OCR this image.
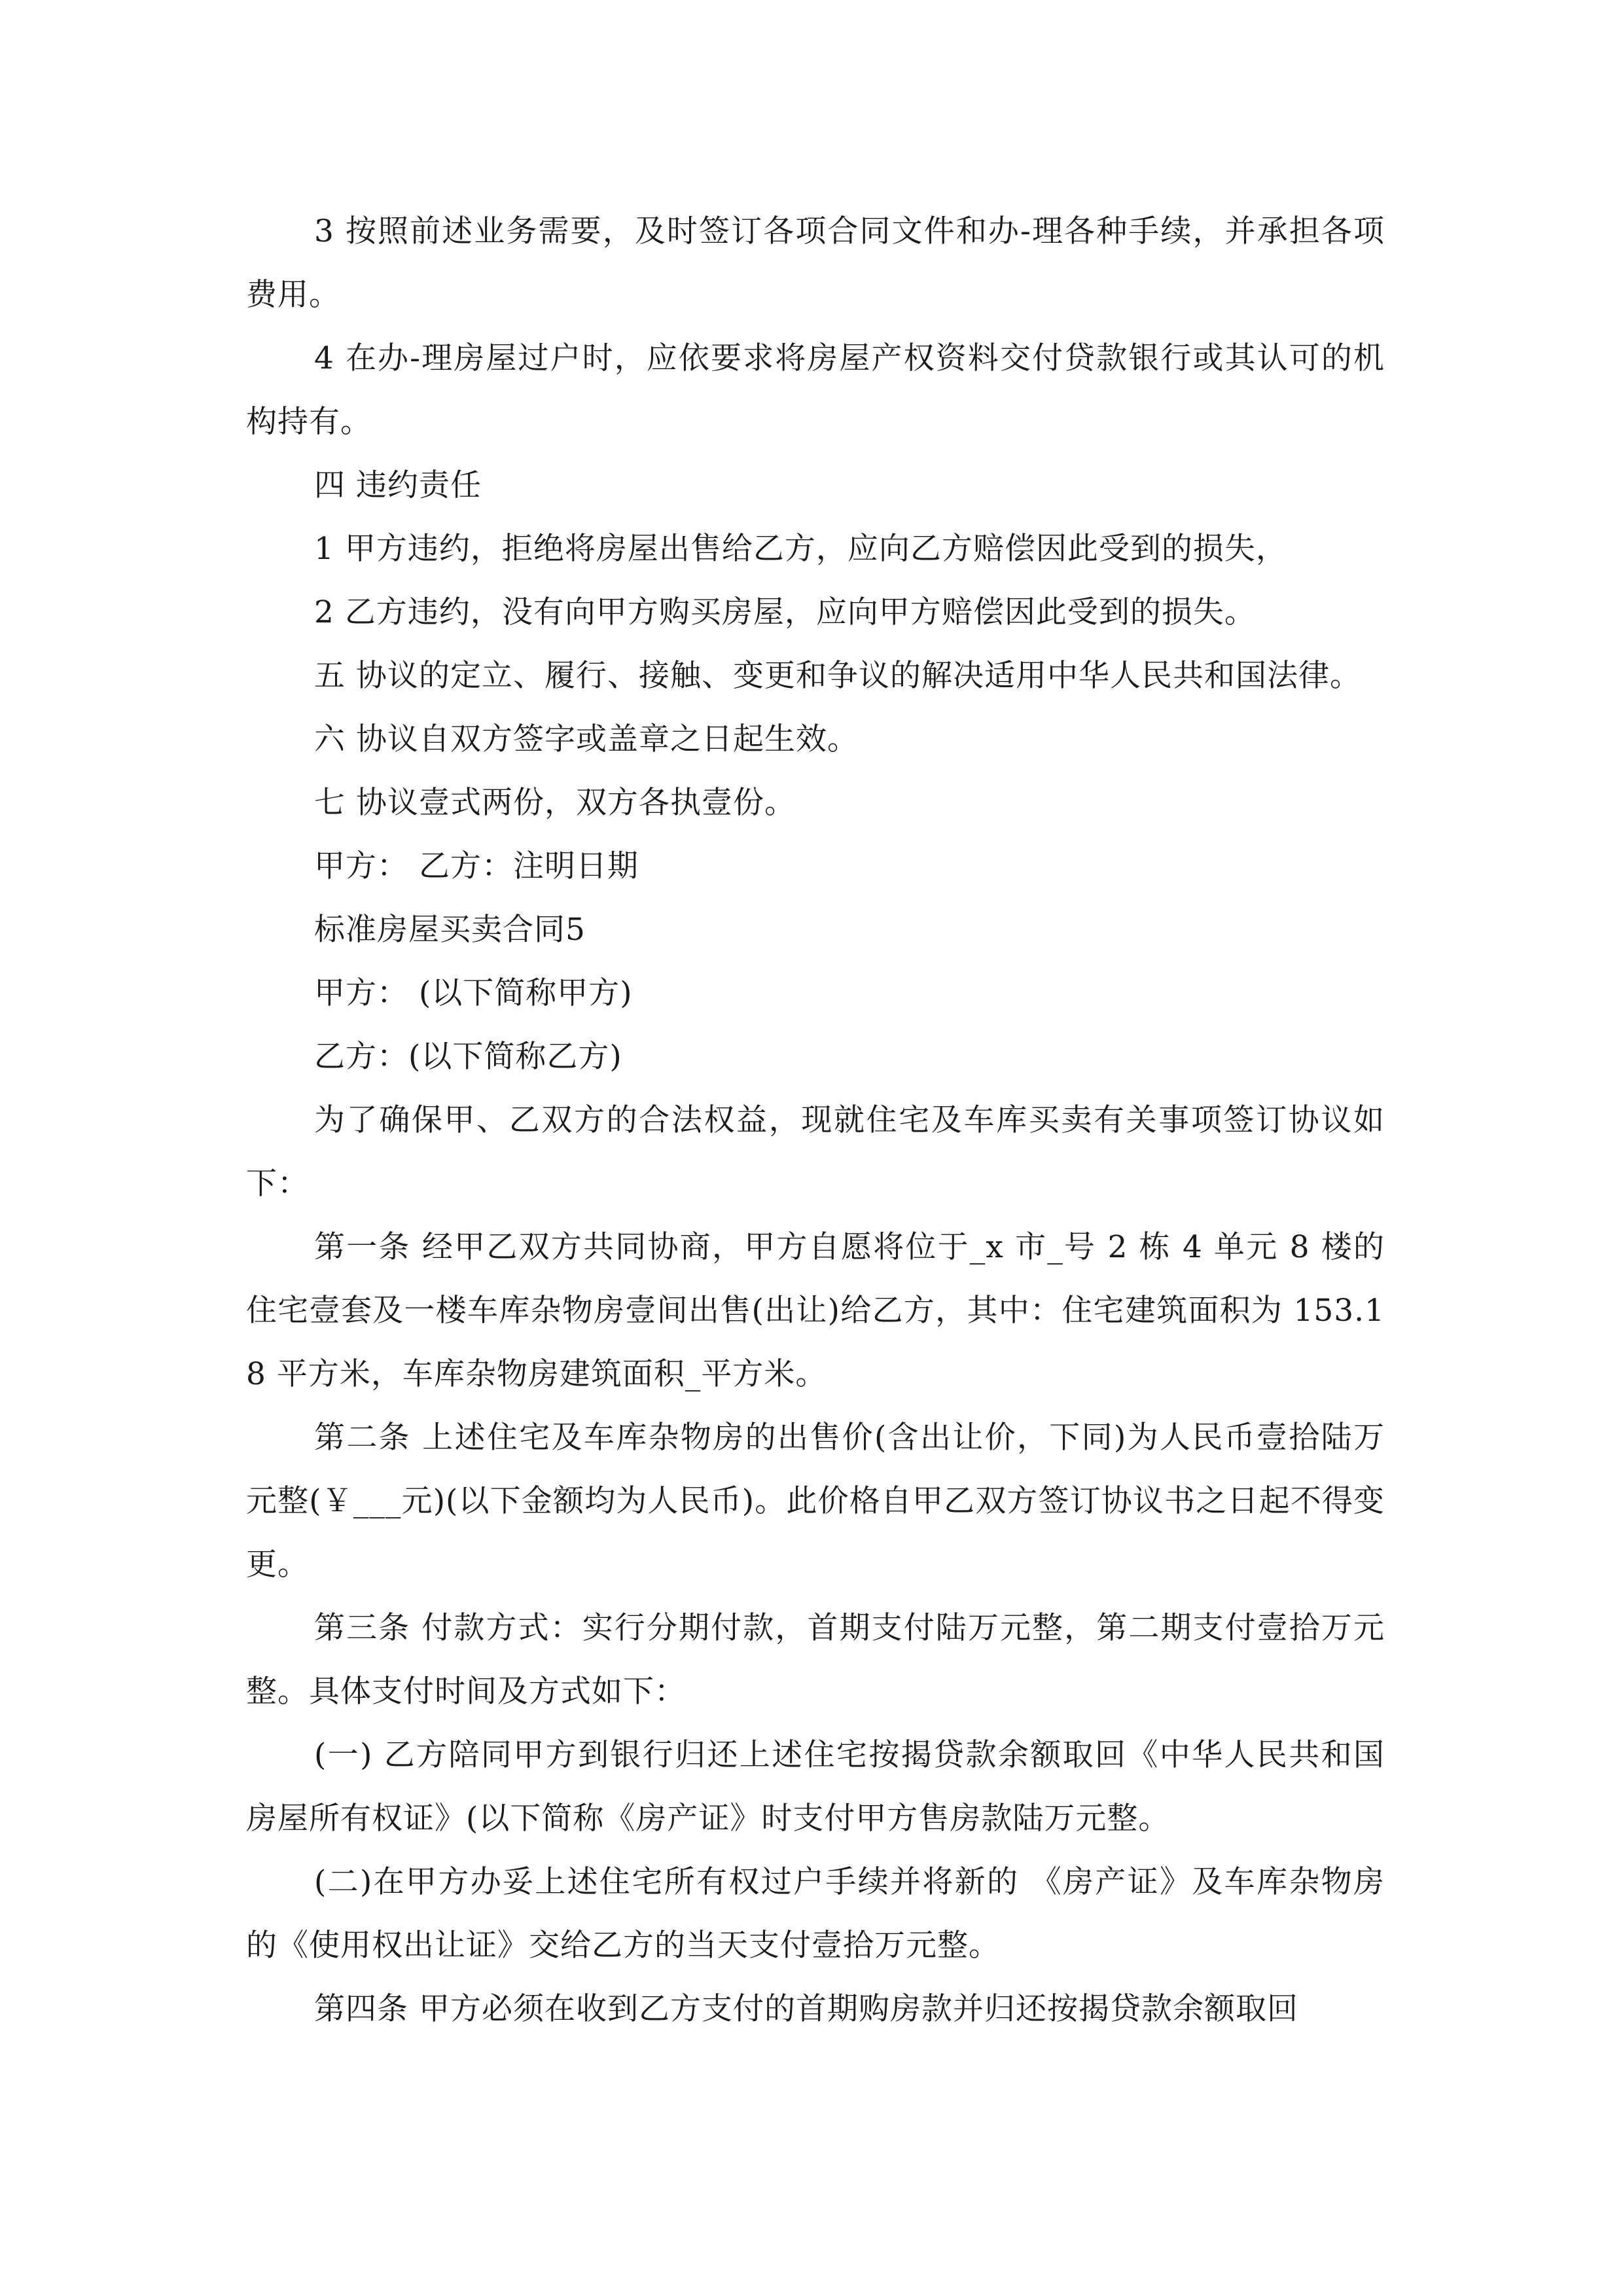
3 按照前述业务需要，及时签订各项合同文件和办-理各种手续，并承担各项费用。

4 在办-理房屋过户时，应依要求将房屋产权资料交付贷款银行或其认可的机构持有。

四 违约责任

1 甲方违约，拒绝将房屋出售给乙方，应向乙方赔偿因此受到的损失，

2 乙方违约，没有向甲方购买房屋，应向甲方赔偿因此受到的损失。

五 协议的定立、履行、接触、变更和争议的解决适用中华人民共和国法律。

六 协议自双方签字或盖章之日起生效。

七 协议壹式两份，双方各执壹份。

甲方： 乙方：注明日期

标准房屋买卖合同5

甲方： (以下简称甲方)

乙方：(以下简称乙方)

为了确保甲、乙双方的合法权益，现就住宅及车库买卖有关事项签订协议如下：

第一条 经甲乙双方共同协商，甲方自愿将位于_x 市_号 2 栋 4 单元 8 楼的住宅壹套及一楼车库杂物房壹间出售(出让)给乙方，其中：住宅建筑面积为 153.18 平方米，车库杂物房建筑面积_平方米。

第二条 上述住宅及车库杂物房的出售价(含出让价，下同)为人民币壹拾陆万元整(￥___元)(以下金额均为人民币)。此价格自甲乙双方签订协议书之日起不得变更。

第三条 付款方式：实行分期付款，首期支付陆万元整，第二期支付壹拾万元整。具体支付时间及方式如下：

(一) 乙方陪同甲方到银行归还上述住宅按揭贷款余额取回《中华人民共和国房屋所有权证》(以下简称《房产证》时支付甲方售房款陆万元整。

(二)在甲方办妥上述住宅所有权过户手续并将新的 《房产证》及车库杂物房的《使用权出让证》交给乙方的当天支付壹拾万元整。

第四条 甲方必须在收到乙方支付的首期购房款并归还按揭贷款余额取回
